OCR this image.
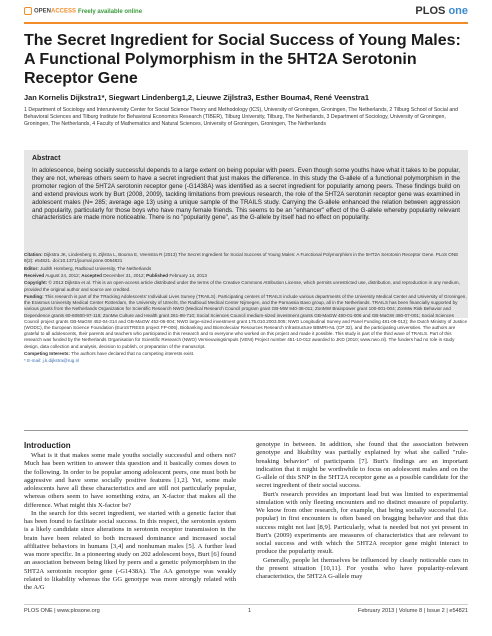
OPENACCESS Freely available online	PLOS one
The Secret Ingredient for Social Success of Young Males: A Functional Polymorphism in the 5HT2A Serotonin Receptor Gene
Jan Kornelis Dijkstra1*, Siegwart Lindenberg1,2, Lieuwe Zijlstra3, Esther Bouma4, René Veenstra1
1 Department of Sociology and Interuniversity Center for Social Science Theory and Methodology (ICS), University of Groningen, Groningen, The Netherlands, 2 Tilburg School of Social and Behavioral Sciences and Tilburg Institute for Behavioral Economics Research (TIBER), Tilburg University, Tilburg, The Netherlands, 3 Department of Sociology, University of Groningen, Groningen, The Netherlands, 4 Faculty of Mathematics and Natural Sciences, University of Groningen, Groningen, The Netherlands
Abstract
In adolescence, being socially successful depends to a large extent on being popular with peers. Even though some youths have what it takes to be popular, they are not, whereas others seem to have a secret ingredient that just makes the difference. In this study the G-allele of a functional polymorphism in the promoter region of the 5HT2A serotonin receptor gene (-G1438A) was identified as a secret ingredient for popularity among peers. These findings build on and extend previous work by Burt (2008, 2009), tackling limitations from previous research, the role of the 5HT2A serotonin receptor gene was examined in adolescent males (N= 285; average age 13) using a unique sample of the TRAILS study. Carrying the G-allele enhanced the relation between aggression and popularity, particularly for those boys who have many female friends. This seems to be an "enhancer" effect of the G-allele whereby popularity relevant characteristics are made more noticeable. There is no "popularity gene", as the G-allele by itself had no effect on popularity.

Citation: Dijkstra JK, Lindenberg S, Zijlstra L, Bouma E, Veenstra R (2013) The Secret Ingredient for Social Success of Young Males: A Functional Polymorphism in the 5HT2A Serotonin Receptor Gene. PLoS ONE 8(2): e54821. doi:10.1371/journal.pone.0054821

Editor: Judith Homberg, Radboud University, The Netherlands

Received August 24, 2012; Accepted December 31, 2012; Published February 14, 2013

Copyright: © 2013 Dijkstra et al. This is an open-access article distributed under the terms of the Creative Commons Attribution License, which permits unrestricted use, distribution, and reproduction in any medium, provided the original author and source are credited.

Funding: This research is part of the TRacking Adolescents' Individual Lives Survey (TRAILS). Participating centers of TRAILS include various departments of the University Medical Center and University of Groningen, the Erasmus University Medical Center Rotterdam, the University of Utrecht, the Radboud Medical Center Nijmegen, and the Parnassia Bavo group, all in the Netherlands. TRAILS has been financially supported by various grants from the Netherlands Organization for Scientific Research NWO (Medical Research Council program grant GB-MW 940-38-011; ZonMW Brainpower grant 100-001-004; ZonMw Risk Behavior and Dependence grants 60-60600-97-118; ZonMw Culture and Health grant 261-98-710; Social Sciences Council medium-sized investment grants GB-MaGW 480-01-006 and GB-MaGW 480-07-001; Social Sciences Council project grants GB-MaGW 452-04-314 and GB-MaGW 452-06-004; NWO large-sized investment grant 175.010.2003.005; NWO Longitudinal Survey and Panel Funding 481-08-013); the Dutch Ministry of Justice (WODC), the European Science Foundation (EuroSTRESS project FP-006), Biobanking and Biomolecular Resources Research Infrastructure BBMRI-NL (CP 32), and the participating universities. The authors are grateful to all adolescents, their parents and teachers who participated in this research and to everyone who worked on this project and made it possible. This study is part of the third wave of TRAILS. Part of this research was funded by the Netherlands Organisation for Scientific Research (NWO) Vernieuwingsimpuls (VENI) Project number 451-10-012 awarded to JKD (2010; www.nwo.nl). The funders had no role in study design, data collection and analysis, decision to publish, or preparation of the manuscript.

Competing Interests: The authors have declared that no competing interests exist.

* E-mail: j.k.dijkstra@rug.nl

Introduction

What is it that makes some male youths socially successful and others not? Much has been written to answer this question and it basically comes down to the following. In order to be popular among adolescent peers, one must both be aggressive and have some socially positive features [1,2]. Yet, some male adolescents have all these characteristics and are still not particularly popular, whereas others seem to have something extra, an X-factor that makes all the difference. What might this X-factor be?

In the search for this secret ingredient, we started with a genetic factor that has been found to facilitate social success. In this respect, the serotonin system is a likely candidate since alterations in serotonin receptor transmission in the brain have been related to both increased dominance and increased social affiliative behaviors in humans [3,4] and nonhuman males [5]. A further lead was more specific. In a pioneering study on 202 adolescent boys, Burt [6] found an association between being liked by peers and a genetic polymorphism in the 5HT2A serotonin receptor gene (-G1438A). The AA genotype was weakly related to likability whereas the GG genotype was more strongly related with the A/G

genotype in between. In addition, she found that the association between genotype and likability was partially explained by what she called "rule-breaking behavior" of participants [7]. Burt's findings are an important indication that it might be worthwhile to focus on adolescent males and on the G-allele of this SNP in the 5HT2A receptor gene as a possible candidate for the secret ingredient of their social success.

Burt's research provides an important lead but was limited to experimental simulation with only fleeting encounters and no distinct measure of popularity. We know from other research, for example, that being socially successful (i.e. popular) in first encounters is often based on bragging behavior and that this success might not last [8,9]. Particularly, what is needed but not yet present in Burt's (2009) experiments are measures of characteristics that are relevant to social success and with which the 5HT2A receptor gene might interact to produce the popularity result.

Generally, people let themselves be influenced by clearly noticeable cues in the present situation [10,11]. For youths who have popularity-relevant characteristics, the 5HT2A G-allele may

PLOS ONE | www.plosone.org	1	February 2013 | Volume 8 | Issue 2 | e54821
